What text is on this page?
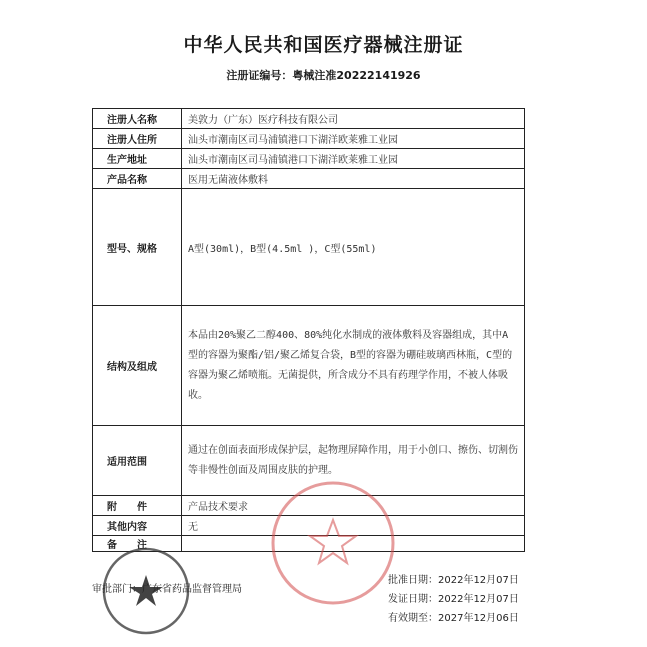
中华人民共和国医疗器械注册证
注册证编号：粤械注准20222141926
注册人名称	美敦力（广东）医疗科技有限公司
注册人住所	汕头市潮南区司马浦镇港口下湖洋欧莱雅工业园
生产地址	汕头市潮南区司马浦镇港口下湖洋欧莱雅工业园
产品名称	医用无菌液体敷料
型号、规格	A型(30ml)，B型(4.5ml )，C型(55ml)
结构及组成	本品由20%聚乙二醇400、80%纯化水制成的液体敷料及容器组成，其中A型的容器为聚酯/铝/聚乙烯复合袋，B型的容器为硼硅玻璃西林瓶，C型的容器为聚乙烯喷瓶。无菌提供，所含成分不具有药理学作用，不被人体吸收。
适用范围	通过在创面表面形成保护层，起物理屏障作用，用于小创口、擦伤、切割伤等非慢性创面及周围皮肤的护理。
附　　件	产品技术要求
其他内容	无
备　　注	
审批部门：广东省药品监督管理局
批准日期：2022年12月07日
发证日期：2022年12月07日
有效期至：2027年12月06日
